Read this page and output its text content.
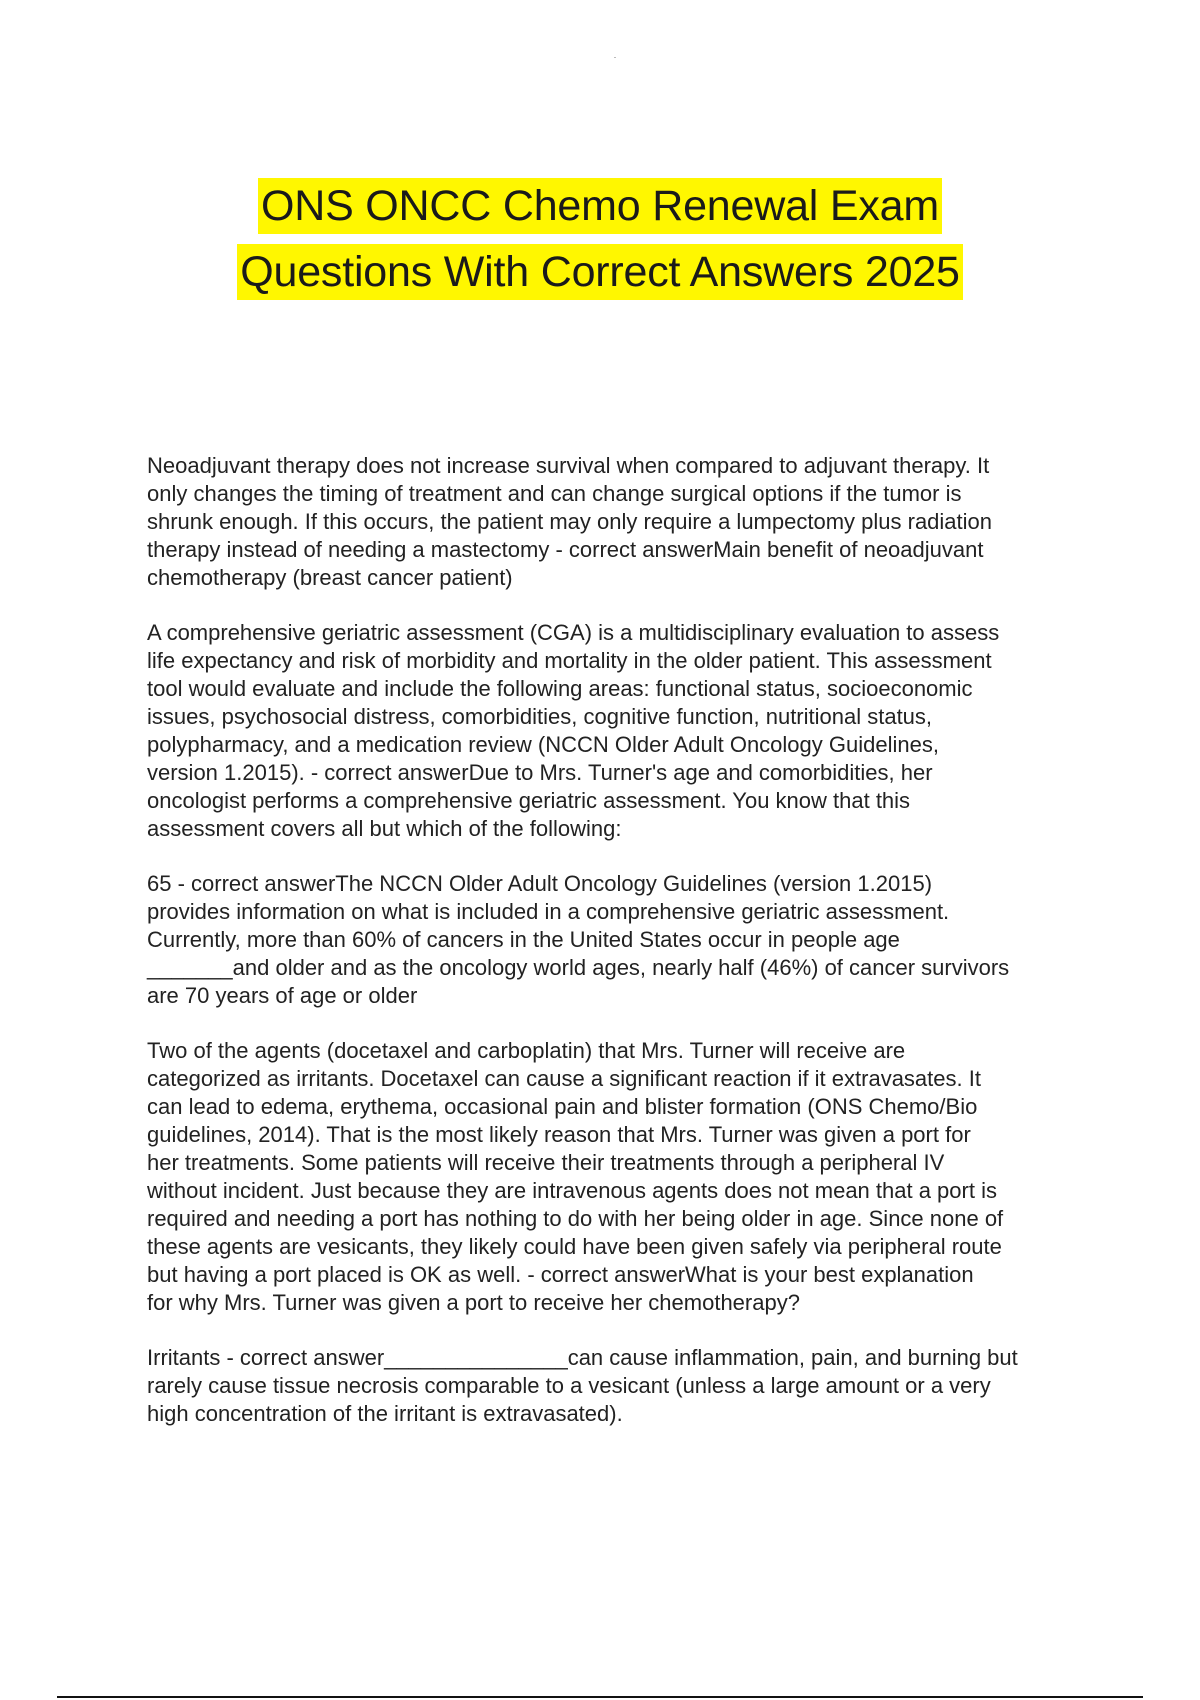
ONS ONCC Chemo Renewal Exam

Questions With Correct Answers 2025

Neoadjuvant therapy does not increase survival when compared to adjuvant therapy. It
only changes the timing of treatment and can change surgical options if the tumor is
shrunk enough. If this occurs, the patient may only require a lumpectomy plus radiation
therapy instead of needing a mastectomy - correct answerMain benefit of neoadjuvant
chemotherapy (breast cancer patient)

A comprehensive geriatric assessment (CGA) is a multidisciplinary evaluation to assess
life expectancy and risk of morbidity and mortality in the older patient. This assessment
tool would evaluate and include the following areas: functional status, socioeconomic
issues, psychosocial distress, comorbidities, cognitive function, nutritional status,
polypharmacy, and a medication review (NCCN Older Adult Oncology Guidelines,
version 1.2015). - correct answerDue to Mrs. Turner's age and comorbidities, her
oncologist performs a comprehensive geriatric assessment. You know that this
assessment covers all but which of the following:

65 - correct answerThe NCCN Older Adult Oncology Guidelines (version 1.2015)
provides information on what is included in a comprehensive geriatric assessment.
Currently, more than 60% of cancers in the United States occur in people age
_______and older and as the oncology world ages, nearly half (46%) of cancer survivors
are 70 years of age or older

Two of the agents (docetaxel and carboplatin) that Mrs. Turner will receive are
categorized as irritants. Docetaxel can cause a significant reaction if it extravasates. It
can lead to edema, erythema, occasional pain and blister formation (ONS Chemo/Bio
guidelines, 2014). That is the most likely reason that Mrs. Turner was given a port for
her treatments. Some patients will receive their treatments through a peripheral IV
without incident. Just because they are intravenous agents does not mean that a port is
required and needing a port has nothing to do with her being older in age. Since none of
these agents are vesicants, they likely could have been given safely via peripheral route
but having a port placed is OK as well. - correct answerWhat is your best explanation
for why Mrs. Turner was given a port to receive her chemotherapy?

Irritants - correct answer_______________can cause inflammation, pain, and burning but
rarely cause tissue necrosis comparable to a vesicant (unless a large amount or a very
high concentration of the irritant is extravasated).
